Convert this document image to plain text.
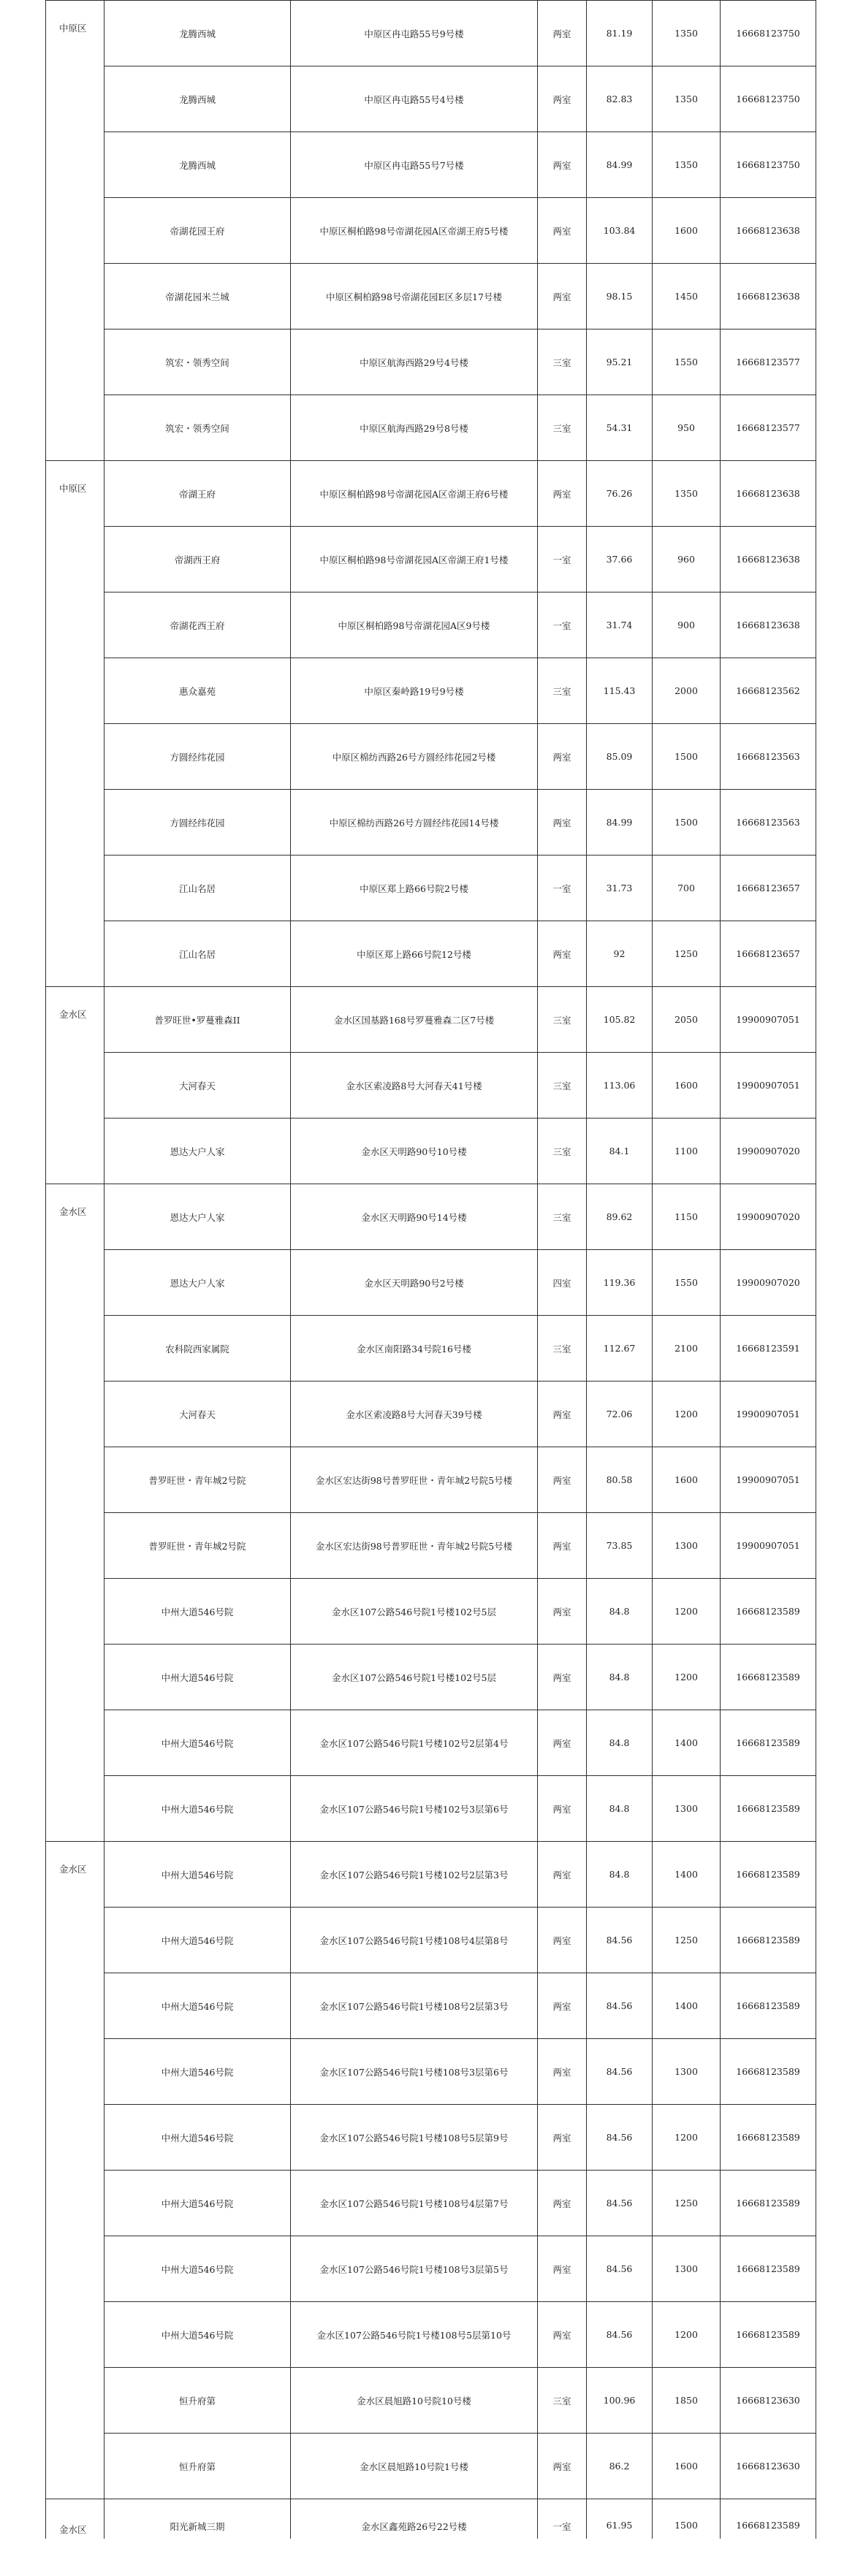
中原区	龙腾西城	中原区冉屯路55号9号楼	两室	81.19	1350	16668123750
	龙腾西城	中原区冉屯路55号4号楼	两室	82.83	1350	16668123750
	龙腾西城	中原区冉屯路55号7号楼	两室	84.99	1350	16668123750
	帝湖花园王府	中原区桐柏路98号帝湖花园A区帝湖王府5号楼	两室	103.84	1600	16668123638
	帝湖花园米兰城	中原区桐柏路98号帝湖花园E区多层17号楼	两室	98.15	1450	16668123638
	筑宏・领秀空间	中原区航海西路29号4号楼	三室	95.21	1550	16668123577
	筑宏・领秀空间	中原区航海西路29号8号楼	三室	54.31	950	16668123577
中原区	帝湖王府	中原区桐柏路98号帝湖花园A区帝湖王府6号楼	两室	76.26	1350	16668123638
	帝湖西王府	中原区桐柏路98号帝湖花园A区帝湖王府1号楼	一室	37.66	960	16668123638
	帝湖花西王府	中原区桐柏路98号帝湖花园A区9号楼	一室	31.74	900	16668123638
	惠众嘉苑	中原区秦岭路19号9号楼	三室	115.43	2000	16668123562
	方圆经纬花园	中原区棉纺西路26号方圆经纬花园2号楼	两室	85.09	1500	16668123563
	方圆经纬花园	中原区棉纺西路26号方圆经纬花园14号楼	两室	84.99	1500	16668123563
	江山名居	中原区郑上路66号院2号楼	一室	31.73	700	16668123657
	江山名居	中原区郑上路66号院12号楼	两室	92	1250	16668123657
金水区	普罗旺世•罗蔓雅森II	金水区国基路168号罗蔓雅森二区7号楼	三室	105.82	2050	19900907051
	大河春天	金水区索凌路8号大河春天41号楼	三室	113.06	1600	19900907051
	恩达大户人家	金水区天明路90号10号楼	三室	84.1	1100	19900907020
金水区	恩达大户人家	金水区天明路90号14号楼	三室	89.62	1150	19900907020
	恩达大户人家	金水区天明路90号2号楼	四室	119.36	1550	19900907020
	农科院西家属院	金水区南阳路34号院16号楼	三室	112.67	2100	16668123591
	大河春天	金水区索凌路8号大河春天39号楼	两室	72.06	1200	19900907051
	普罗旺世・青年城2号院	金水区宏达街98号普罗旺世・青年城2号院5号楼	两室	80.58	1600	19900907051
	普罗旺世・青年城2号院	金水区宏达街98号普罗旺世・青年城2号院5号楼	两室	73.85	1300	19900907051
	中州大道546号院	金水区107公路546号院1号楼102号5层	两室	84.8	1200	16668123589
	中州大道546号院	金水区107公路546号院1号楼102号5层	两室	84.8	1200	16668123589
	中州大道546号院	金水区107公路546号院1号楼102号2层第4号	两室	84.8	1400	16668123589
	中州大道546号院	金水区107公路546号院1号楼102号3层第6号	两室	84.8	1300	16668123589
金水区	中州大道546号院	金水区107公路546号院1号楼102号2层第3号	两室	84.8	1400	16668123589
	中州大道546号院	金水区107公路546号院1号楼108号4层第8号	两室	84.56	1250	16668123589
	中州大道546号院	金水区107公路546号院1号楼108号2层第3号	两室	84.56	1400	16668123589
	中州大道546号院	金水区107公路546号院1号楼108号3层第6号	两室	84.56	1300	16668123589
	中州大道546号院	金水区107公路546号院1号楼108号5层第9号	两室	84.56	1200	16668123589
	中州大道546号院	金水区107公路546号院1号楼108号4层第7号	两室	84.56	1250	16668123589
	中州大道546号院	金水区107公路546号院1号楼108号3层第5号	两室	84.56	1300	16668123589
	中州大道546号院	金水区107公路546号院1号楼108号5层第10号	两室	84.56	1200	16668123589
	恒升府第	金水区晨旭路10号院10号楼	三室	100.96	1850	16668123630
	恒升府第	金水区晨旭路10号院1号楼	两室	86.2	1600	16668123630
金水区	阳光新城三期	金水区鑫苑路26号22号楼	一室	61.95	1500	16668123589
